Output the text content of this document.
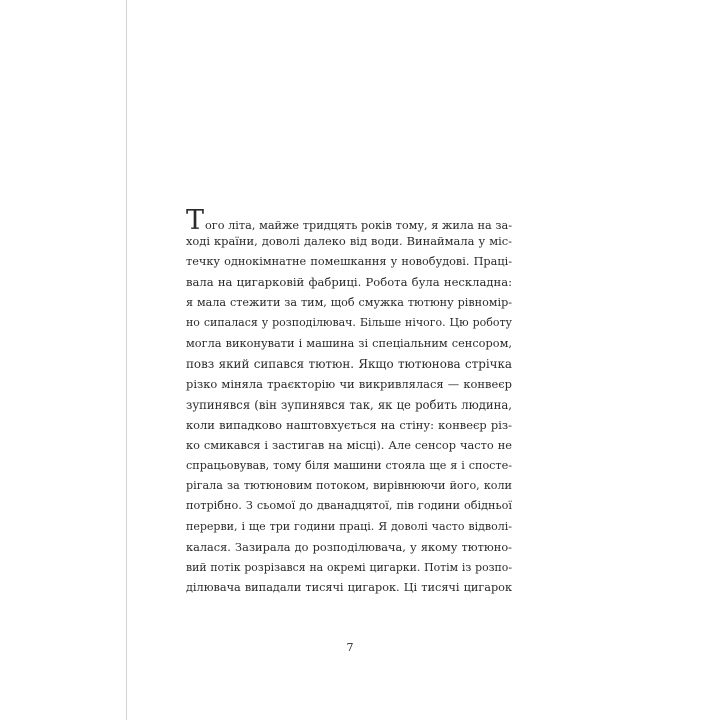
Того літа, майже тридцять років тому, я жила на за-
ході країни, доволі далеко від води. Винаймала у міс-
течку однокімнатне помешкання у новобудові. Праці-
вала на цигарковій фабриці. Робота була нескладна:
я мала стежити за тим, щоб смужка тютюну рівномір-
но сипалася у розподілювач. Більше нічого. Цю роботу
могла виконувати і машина зі спеціальним сенсором,
повз який сипався тютюн. Якщо тютюнова стрічка
різко міняла траєкторію чи викривлялася — конвеєр
зупинявся (він зупинявся так, як це робить людина,
коли випадково наштовхується на стіну: конвеєр різ-
ко смикався і застигав на місці). Але сенсор часто не
спрацьовував, тому біля машини стояла ще я і спосте-
рігала за тютюновим потоком, вирівнюючи його, коли
потрібно. З сьомої до дванадцятої, пів години обідньої
перерви, і ще три години праці. Я доволі часто відволі-
калася. Зазирала до розподілювача, у якому тютюно-
вий потік розрізався на окремі цигарки. Потім із розпо-
ділювача випадали тисячі цигарок. Ці тисячі цигарок
7
